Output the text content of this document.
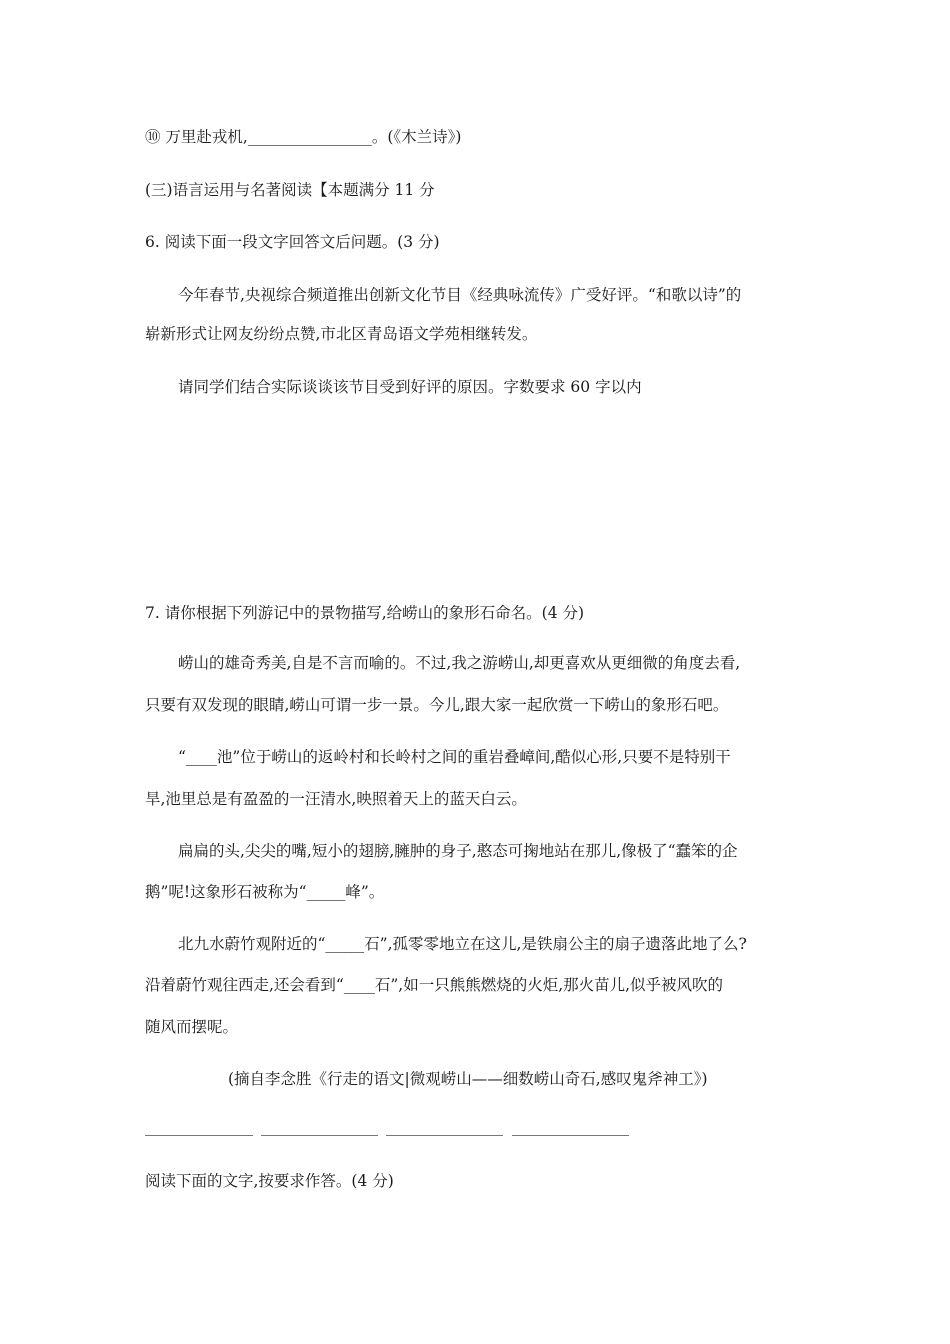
⑩ 万里赴戎机,________________。(《木兰诗》)
(三)语言运用与名著阅读【本题满分 11 分
6. 阅读下面一段文字回答文后问题。(3 分)
今年春节,央视综合频道推出创新文化节目《经典咏流传》广受好评。“和歌以诗”的
崭新形式让网友纷纷点赞,市北区青岛语文学苑相继转发。
请同学们结合实际谈谈该节目受到好评的原因。字数要求 60 字以内
7. 请你根据下列游记中的景物描写,给崂山的象形石命名。(4 分)
崂山的雄奇秀美,自是不言而喻的。不过,我之游崂山,却更喜欢从更细微的角度去看,
只要有双发现的眼睛,崂山可谓一步一景。今儿,跟大家一起欣赏一下崂山的象形石吧。
“____池”位于崂山的返岭村和长岭村之间的重岩叠嶂间,酷似心形,只要不是特别干
旱,池里总是有盈盈的一汪清水,映照着天上的蓝天白云。
扁扁的头,尖尖的嘴,短小的翅膀,臃肿的身子,憨态可掬地站在那儿,像极了“蠢笨的企
鹅”呢!这象形石被称为“_____峰”。
北九水蔚竹观附近的“_____石”,孤零零地立在这儿,是铁扇公主的扇子遗落此地了么?
沿着蔚竹观往西走,还会看到“____石”,如一只熊熊燃烧的火炬,那火苗儿,似乎被风吹的
随风而摆呢。
(摘自李念胜《行走的语文|微观崂山——细数崂山奇石,感叹鬼斧神工》)
阅读下面的文字,按要求作答。(4 分)
